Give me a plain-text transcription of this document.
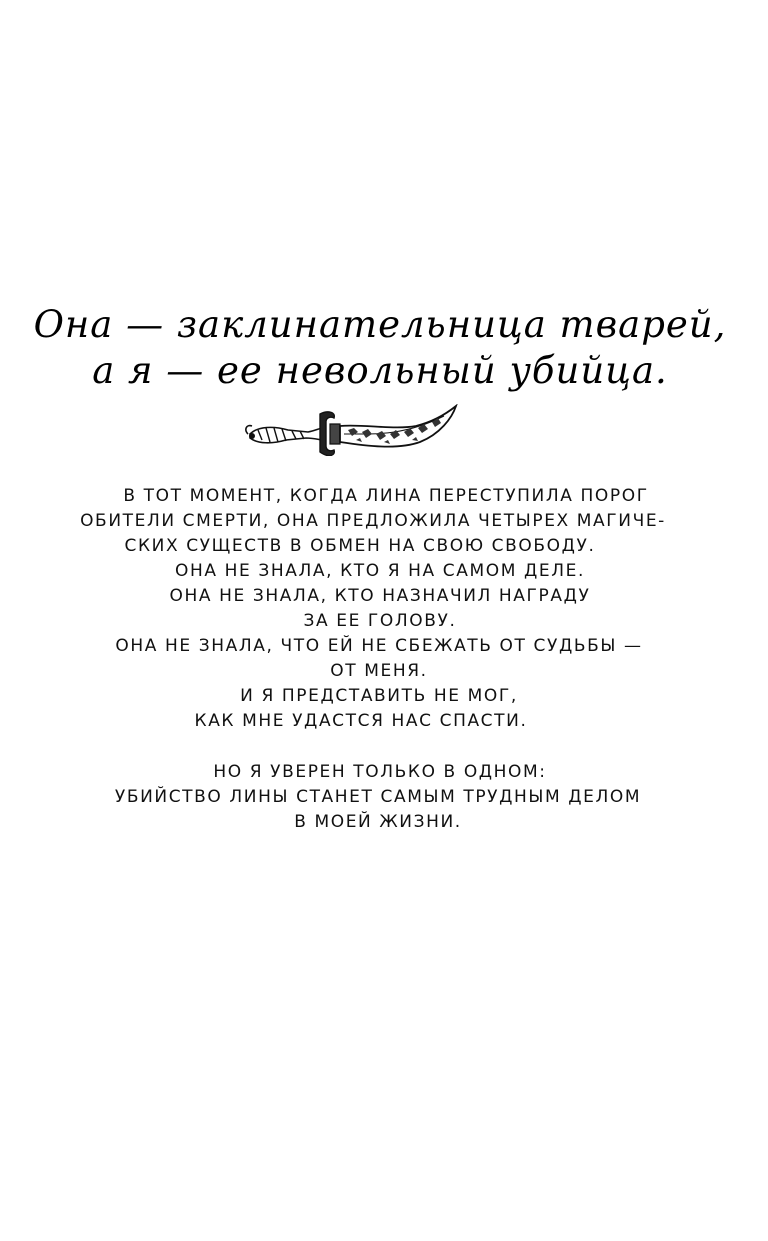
Она — заклинательница тварей,
а я — ее невольный убийца.
В ТОТ МОМЕНТ, КОГДА ЛИНА ПЕРЕСТУПИЛА ПОРОГ
ОБИТЕЛИ СМЕРТИ, ОНА ПРЕДЛОЖИЛА ЧЕТЫРЕХ МАГИЧЕ-
СКИХ СУЩЕСТВ В ОБМЕН НА СВОЮ СВОБОДУ.
ОНА НЕ ЗНАЛА, КТО Я НА САМОМ ДЕЛЕ.
ОНА НЕ ЗНАЛА, КТО НАЗНАЧИЛ НАГРАДУ
ЗА ЕЕ ГОЛОВУ.
ОНА НЕ ЗНАЛА, ЧТО ЕЙ НЕ СБЕЖАТЬ ОТ СУДЬБЫ —
ОТ МЕНЯ.
И Я ПРЕДСТАВИТЬ НЕ МОГ,
КАК МНЕ УДАСТСЯ НАС СПАСТИ.
НО Я УВЕРЕН ТОЛЬКО В ОДНОМ:
УБИЙСТВО ЛИНЫ СТАНЕТ САМЫМ ТРУДНЫМ ДЕЛОМ
В МОЕЙ ЖИЗНИ.
